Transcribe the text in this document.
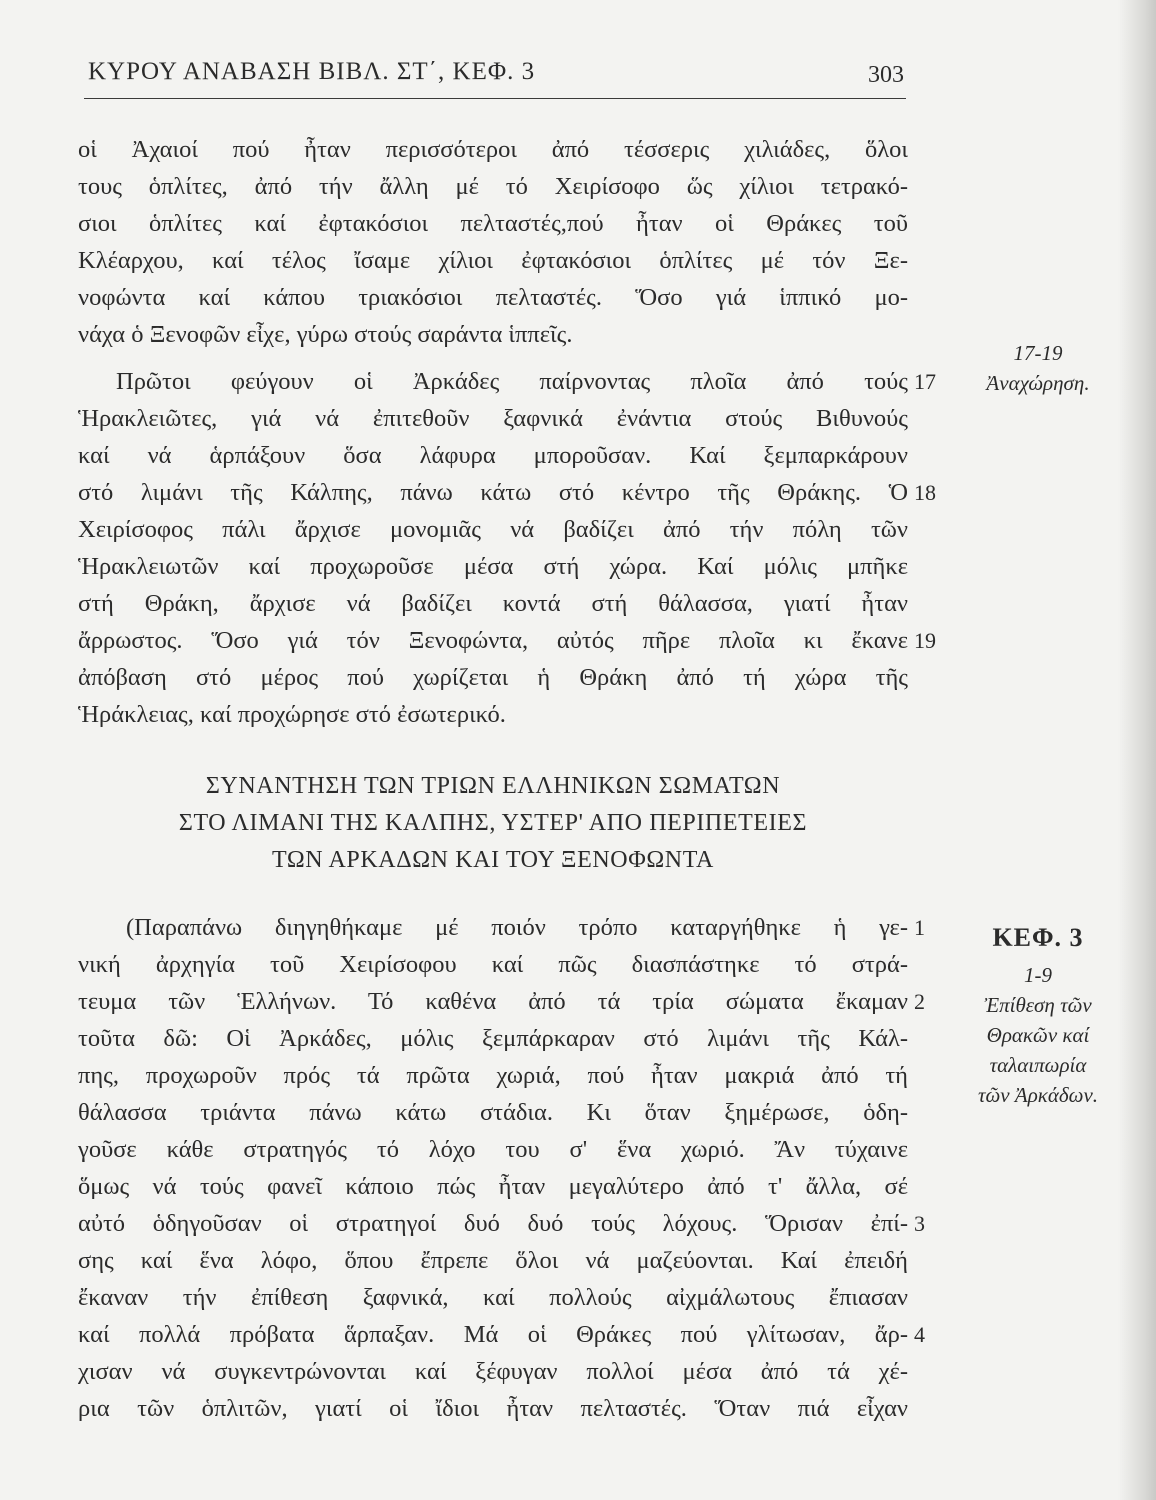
ΚΥΡΟΥ ΑΝΑΒΑΣΗ ΒΙΒΛ. ΣΤ΄, ΚΕΦ. 3	303
οἱ Ἀχαιοί πού ἦταν περισσότεροι ἀπό τέσσερις χιλιάδες, ὅλοι
τους ὁπλίτες, ἀπό τήν ἄλλη μέ τό Χειρίσοφο ὥς χίλιοι τετρακό-
σιοι ὁπλίτες καί ἐφτακόσιοι πελταστές,πού ἦταν οἱ Θράκες τοῦ
Κλέαρχου, καί τέλος ἴσαμε χίλιοι ἐφτακόσιοι ὁπλίτες μέ τόν Ξε-
νοφώντα καί κάπου τριακόσιοι πελταστές. Ὅσο γιά ἱππικό μο-
νάχα ὁ Ξενοφῶν εἶχε, γύρω στούς σαράντα ἱππεῖς.
Πρῶτοι φεύγουν οἱ Ἀρκάδες παίρνοντας πλοῖα ἀπό τούς
Ἡρακλειῶτες, γιά νά ἐπιτεθοῦν ξαφνικά ἐνάντια στούς Βιθυνούς
καί νά ἁρπάξουν ὅσα λάφυρα μποροῦσαν. Καί ξεμπαρκάρουν
στό λιμάνι τῆς Κάλπης, πάνω κάτω στό κέντρο τῆς Θράκης. Ὁ
Χειρίσοφος πάλι ἄρχισε μονομιᾶς νά βαδίζει ἀπό τήν πόλη τῶν
Ἡρακλειωτῶν καί προχωροῦσε μέσα στή χώρα. Καί μόλις μπῆκε
στή Θράκη, ἄρχισε νά βαδίζει κοντά στή θάλασσα, γιατί ἦταν
ἄρρωστος. Ὅσο γιά τόν Ξενοφώντα, αὐτός πῆρε πλοῖα κι ἔκανε
ἀπόβαση στό μέρος πού χωρίζεται ἡ Θράκη ἀπό τή χώρα τῆς
Ἡράκλειας, καί προχώρησε στό ἐσωτερικό.
ΣΥΝΑΝΤΗΣΗ ΤΩΝ ΤΡΙΩΝ ΕΛΛΗΝΙΚΩΝ ΣΩΜΑΤΩΝ
ΣΤΟ ΛΙΜΑΝΙ ΤΗΣ ΚΑΛΠΗΣ, ΥΣΤΕΡ' ΑΠΟ ΠΕΡΙΠΕΤΕΙΕΣ
ΤΩΝ ΑΡΚΑΔΩΝ ΚΑΙ ΤΟΥ ΞΕΝΟΦΩΝΤΑ
(Παραπάνω διηγηθήκαμε μέ ποιόν τρόπο καταργήθηκε ἡ γε-
νική ἀρχηγία τοῦ Χειρίσοφου καί πῶς διασπάστηκε τό στρά-
τευμα τῶν Ἑλλήνων. Τό καθένα ἀπό τά τρία σώματα ἔκαμαν
τοῦτα δῶ: Οἱ Ἀρκάδες, μόλις ξεμπάρκαραν στό λιμάνι τῆς Κάλ-
πης, προχωροῦν πρός τά πρῶτα χωριά, πού ἦταν μακριά ἀπό τή
θάλασσα τριάντα πάνω κάτω στάδια. Κι ὅταν ξημέρωσε, ὁδη-
γοῦσε κάθε στρατηγός τό λόχο του σ' ἕνα χωριό. Ἄν τύχαινε
ὅμως νά τούς φανεῖ κάποιο πώς ἦταν μεγαλύτερο ἀπό τ' ἄλλα, σέ
αὐτό ὁδηγοῦσαν οἱ στρατηγοί δυό δυό τούς λόχους. Ὅρισαν ἐπί-
σης καί ἕνα λόφο, ὅπου ἔπρεπε ὅλοι νά μαζεύονται. Καί ἐπειδή
ἔκαναν τήν ἐπίθεση ξαφνικά, καί πολλούς αἰχμάλωτους ἔπιασαν
καί πολλά πρόβατα ἅρπαξαν. Μά οἱ Θράκες πού γλίτωσαν, ἄρ-
χισαν νά συγκεντρώνονται καί ξέφυγαν πολλοί μέσα ἀπό τά χέ-
ρια τῶν ὁπλιτῶν, γιατί οἱ ἴδιοι ἦταν πελταστές. Ὅταν πιά εἶχαν
17
18
19
1
2
3
4
17-19
Ἀναχώρηση.
ΚΕΦ. 3
1-9
Ἐπίθεση τῶν
Θρακῶν καί
ταλαιπωρία
τῶν Ἀρκάδων.
